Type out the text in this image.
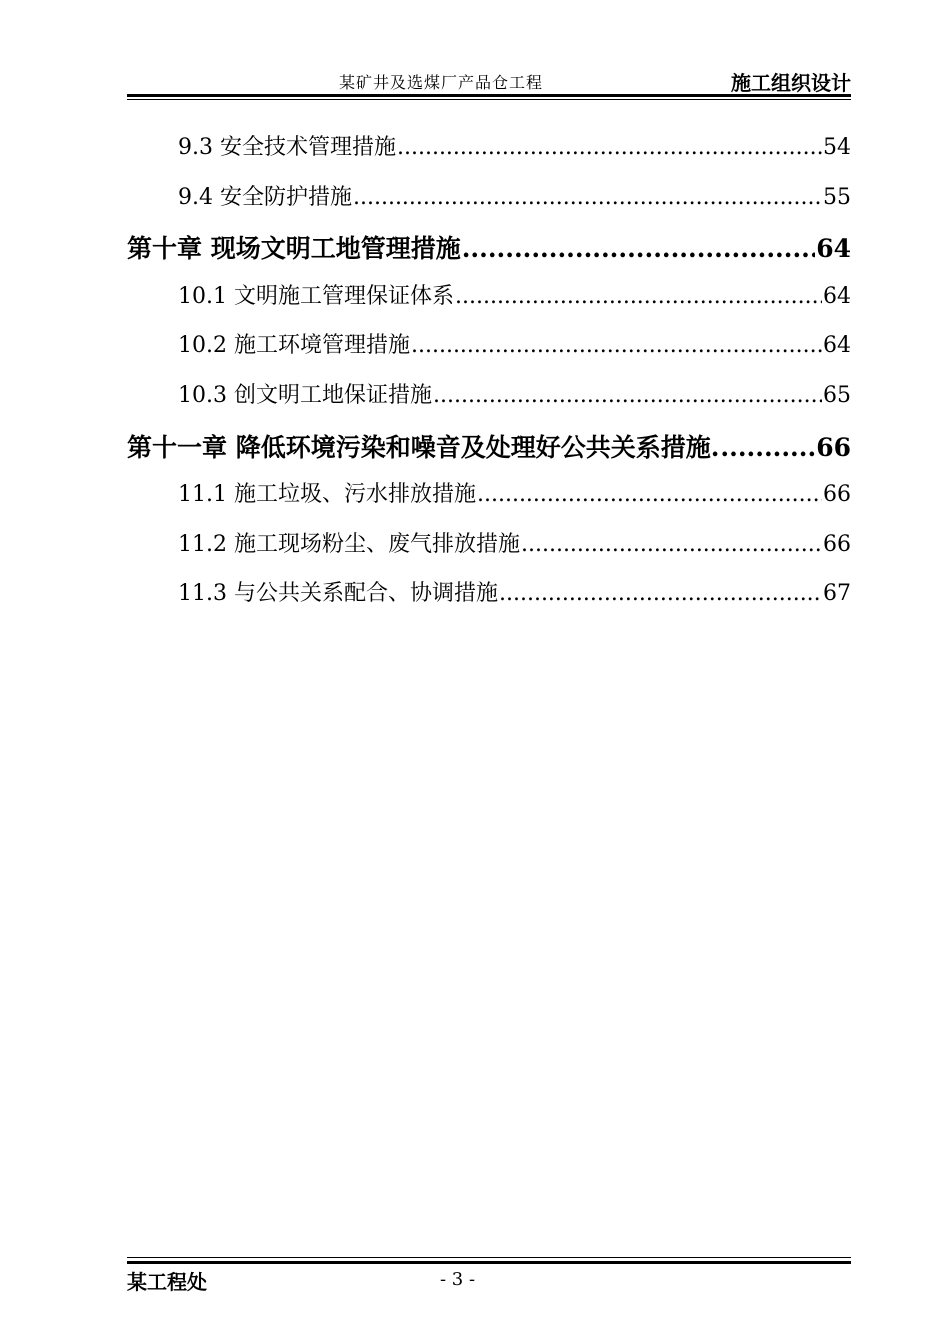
某矿井及选煤厂产品仓工程	施工组织设计
9.3 安全技术管理措施 .....	54
9.4 安全防护措施 .....	55
第十章 现场文明工地管理措施 .....	64
10.1 文明施工管理保证体系 .....	64
10.2 施工环境管理措施 .....	64
10.3 创文明工地保证措施 .....	65
第十一章 降低环境污染和噪音及处理好公共关系措施. .....	66
11.1 施工垃圾、污水排放措施 .....	66
11.2 施工现场粉尘、废气排放措施 .....	66
11.3 与公共关系配合、协调措施 .....	67
某工程处	- 3 -
